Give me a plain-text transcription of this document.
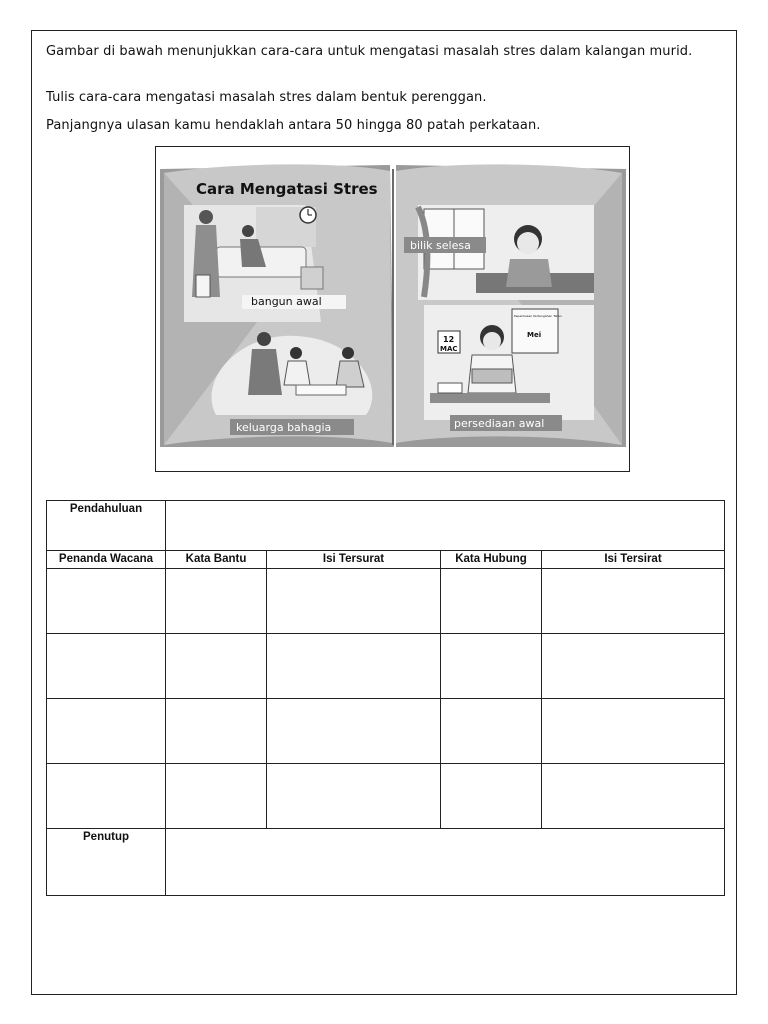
Gambar di bawah menunjukkan cara-cara untuk mengatasi masalah stres dalam kalangan murid.

Tulis cara-cara mengatasi masalah stres dalam bentuk perenggan.

Panjangnya ulasan kamu hendaklah antara 50 hingga 80 patah perkataan.

Cara Mengatasi Stres
bangun awal
bilik selesa
keluarga bahagia
12
MAC
Peperiksaan Pertengahan Tahun
Mei
persediaan awal
Pendahuluan				
Penanda Wacana	Kata Bantu	Isi Tersurat	Kata Hubung	Isi Tersirat

Penutup				
